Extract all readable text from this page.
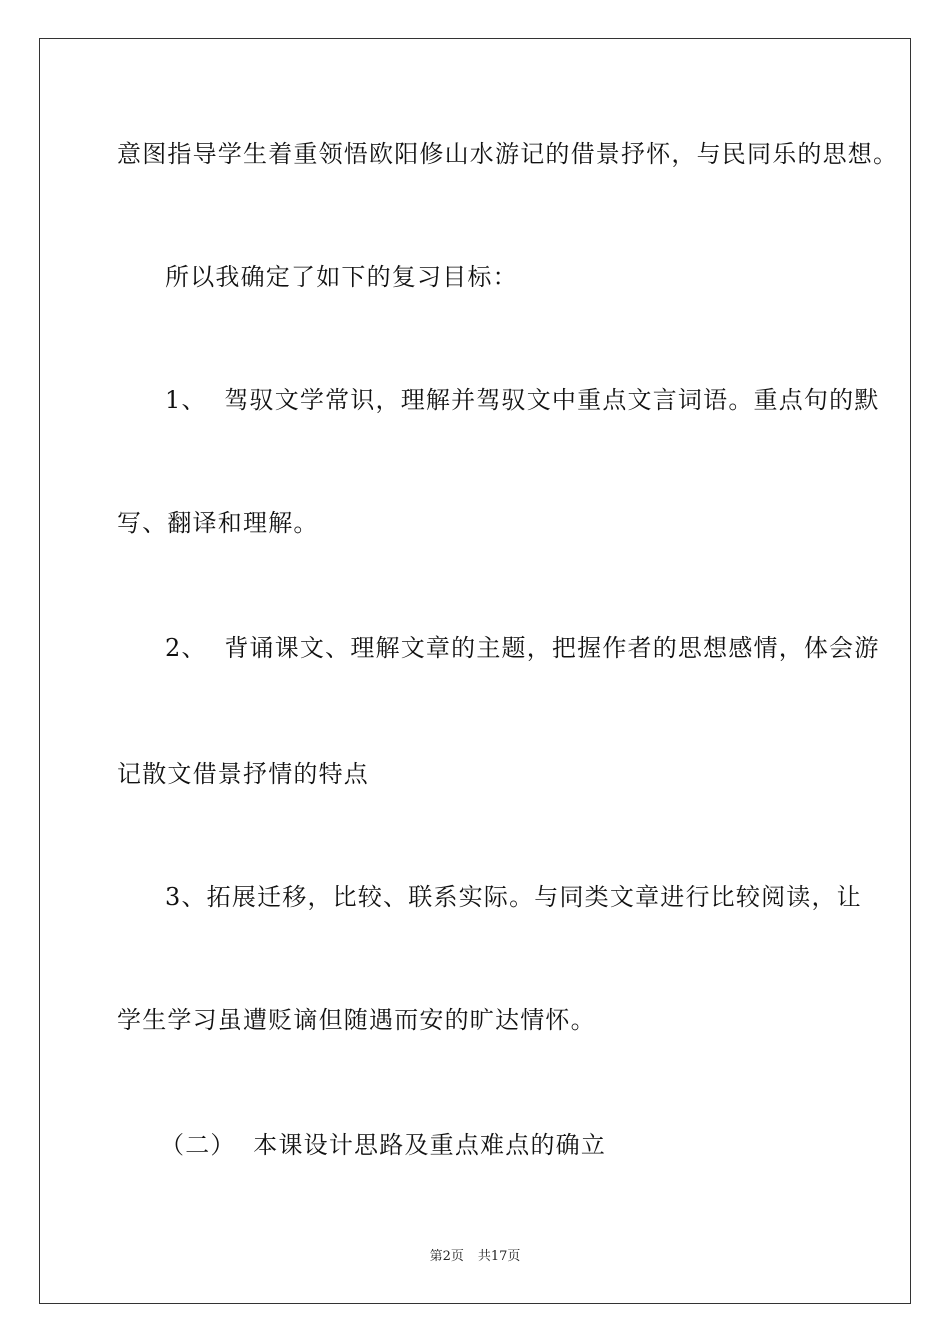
意图指导学生着重领悟欧阳修山水游记的借景抒怀，与民同乐的思想。
所以我确定了如下的复习目标：
1、  驾驭文学常识，理解并驾驭文中重点文言词语。重点句的默
写、翻译和理解。
2、  背诵课文、理解文章的主题，把握作者的思想感情，体会游
记散文借景抒情的特点
3、拓展迁移，比较、联系实际。与同类文章进行比较阅读，让
学生学习虽遭贬谪但随遇而安的旷达情怀。
（二）  本课设计思路及重点难点的确立
第2页 共17页
